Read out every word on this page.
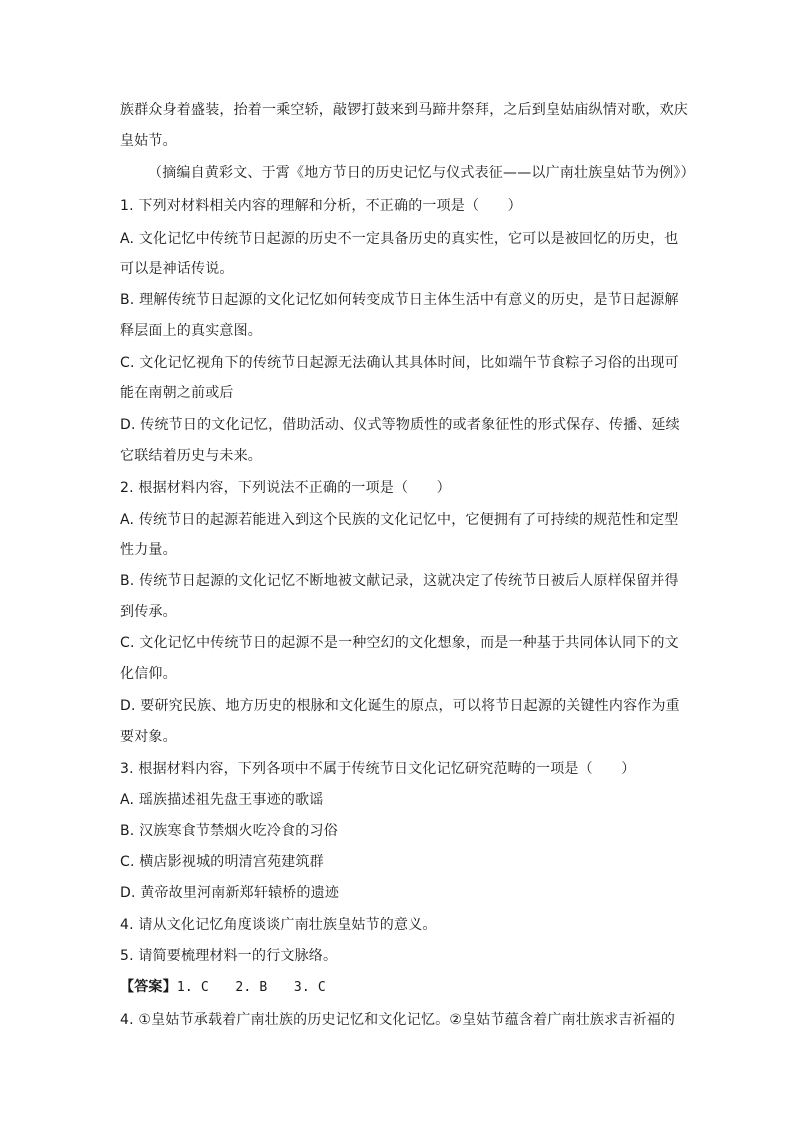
族群众身着盛装，抬着一乘空轿，敲锣打鼓来到马蹄井祭拜，之后到皇姑庙纵情对歌，欢庆
皇姑节。
（摘编自黄彩文、于霄《地方节日的历史记忆与仪式表征——以广南壮族皇姑节为例》）
1. 下列对材料相关内容的理解和分析，不正确的一项是（　　）
A. 文化记忆中传统节日起源的历史不一定具备历史的真实性，它可以是被回忆的历史，也
可以是神话传说。
B. 理解传统节日起源的文化记忆如何转变成节日主体生活中有意义的历史，是节日起源解
释层面上的真实意图。
C. 文化记忆视角下的传统节日起源无法确认其具体时间，比如端午节食粽子习俗的出现可
能在南朝之前或后
D. 传统节日的文化记忆，借助活动、仪式等物质性的或者象征性的形式保存、传播、延续
它联结着历史与未来。
2. 根据材料内容，下列说法不正确的一项是（　　）
A. 传统节日的起源若能进入到这个民族的文化记忆中，它便拥有了可持续的规范性和定型
性力量。
B. 传统节日起源的文化记忆不断地被文献记录，这就决定了传统节日被后人原样保留并得
到传承。
C. 文化记忆中传统节日的起源不是一种空幻的文化想象，而是一种基于共同体认同下的文
化信仰。
D. 要研究民族、地方历史的根脉和文化诞生的原点，可以将节日起源的关键性内容作为重
要对象。
3. 根据材料内容，下列各项中不属于传统节日文化记忆研究范畴的一项是（　　）
A. 瑶族描述祖先盘王事迹的歌谣
B. 汉族寒食节禁烟火吃冷食的习俗
C. 横店影视城的明清宫苑建筑群
D. 黄帝故里河南新郑轩辕桥的遗迹
4. 请从文化记忆角度谈谈广南壮族皇姑节的意义。
5. 请简要梳理材料一的行文脉络。
【答案】1. C　　2. B　　3. C
4. ①皇姑节承载着广南壮族的历史记忆和文化记忆。②皇姑节蕴含着广南壮族求吉祈福的
